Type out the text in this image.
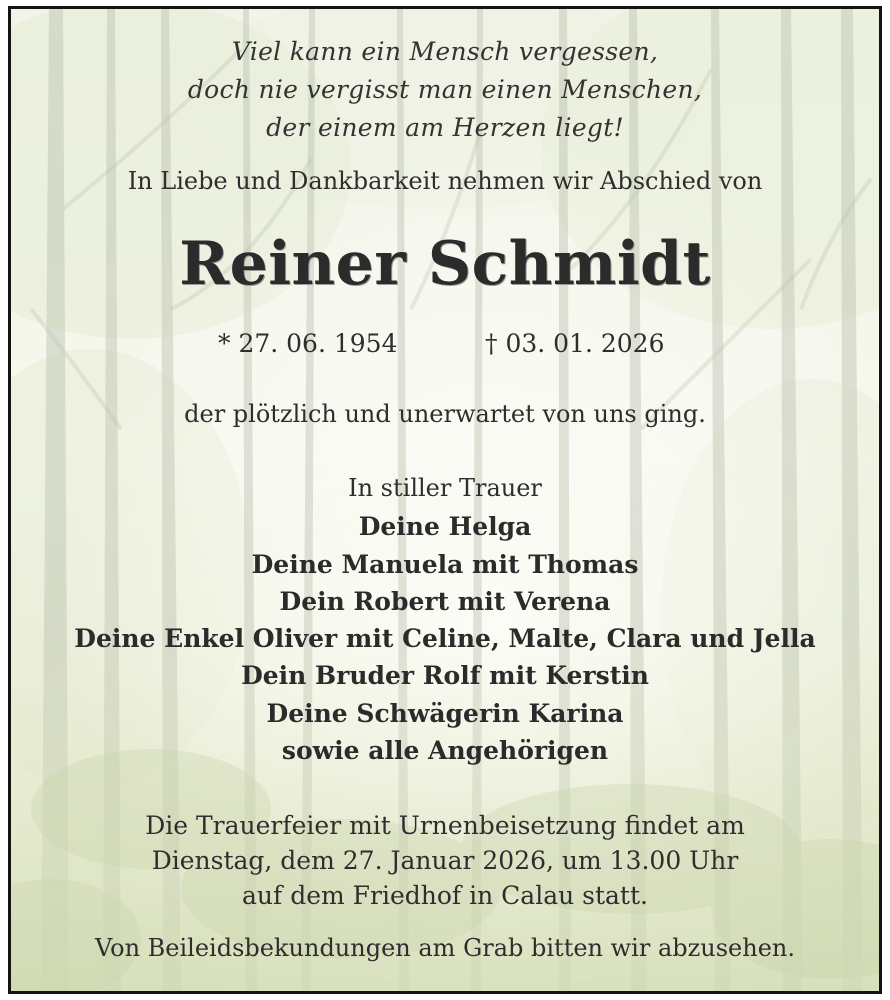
Viel kann ein Mensch vergessen,
doch nie vergisst man einen Menschen,
der einem am Herzen liegt!
In Liebe und Dankbarkeit nehmen wir Abschied von
Reiner Schmidt
* 27. 06. 1954	† 03. 01. 2026
der plötzlich und unerwartet von uns ging.
In stiller Trauer
Deine Helga
Deine Manuela mit Thomas
Dein Robert mit Verena
Deine Enkel Oliver mit Celine, Malte, Clara und Jella
Dein Bruder Rolf mit Kerstin
Deine Schwägerin Karina
sowie alle Angehörigen
Die Trauerfeier mit Urnenbeisetzung findet am
Dienstag, dem 27. Januar 2026, um 13.00 Uhr
auf dem Friedhof in Calau statt.
Von Beileidsbekundungen am Grab bitten wir abzusehen.
